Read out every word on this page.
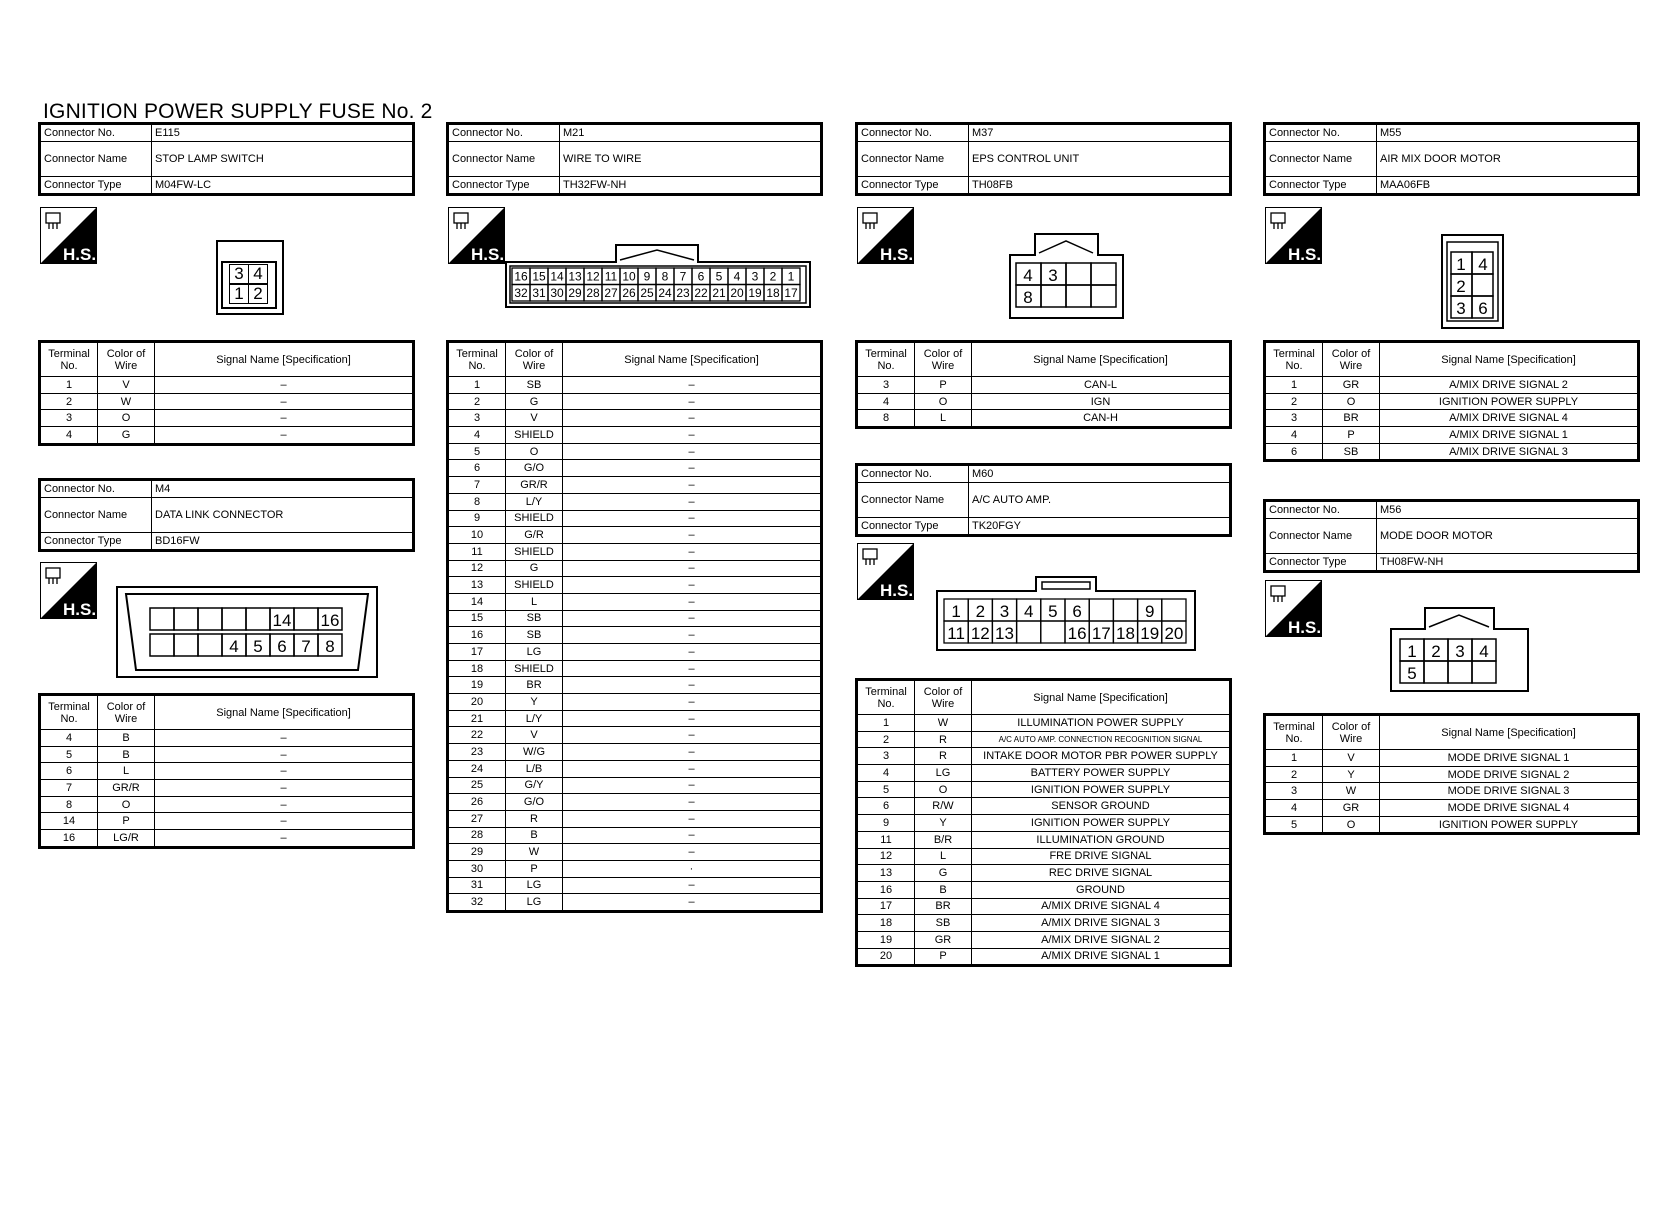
IGNITION POWER SUPPLY FUSE No. 2
Connector No.	E115
Connector Name	STOP LAMP SWITCH
Connector Type	M04FW-LC
H.S.
3 4
1 2
Terminal No.	Color of Wire	Signal Name [Specification]
1	V	–
2	W	–
3	O	–
4	G	–
Connector No.	M4
Connector Name	DATA LINK CONNECTOR
Connector Type	BD16FW
H.S.
14 16
4 5 6 7 8
Terminal No.	Color of Wire	Signal Name [Specification]
4	B	–
5	B	–
6	L	–
7	GR/R	–
8	O	–
14	P	–
16	LG/R	–
Connector No.	M21
Connector Name	WIRE TO WIRE
Connector Type	TH32FW-NH
H.S.
16 15 14 13 12 11 10 9 8 7 6 5 4 3 2 1
32 31 30 29 28 27 26 25 24 23 22 21 20 19 18 17
Terminal No.	Color of Wire	Signal Name [Specification]
1	SB	–
2	G	–
3	V	–
4	SHIELD	–
5	O	–
6	G/O	–
7	GR/R	–
8	L/Y	–
9	SHIELD	–
10	G/R	–
11	SHIELD	–
12	G	–
13	SHIELD	–
14	L	–
15	SB	–
16	SB	–
17	LG	–
18	SHIELD	–
19	BR	–
20	Y	–
21	L/Y	–
22	V	–
23	W/G	–
24	L/B	–
25	G/Y	–
26	G/O	–
27	R	–
28	B	–
29	W	–
30	P	·
31	LG	–
32	LG	–
Connector No.	M37
Connector Name	EPS CONTROL UNIT
Connector Type	TH08FB
H.S.
4 3
8
Terminal No.	Color of Wire	Signal Name [Specification]
3	P	CAN-L
4	O	IGN
8	L	CAN-H
Connector No.	M60
Connector Name	A/C AUTO AMP.
Connector Type	TK20FGY
H.S.
1 2 3 4 5 6	9
11 12 13	16 17 18 19 20
Terminal No.	Color of Wire	Signal Name [Specification]
1	W	ILLUMINATION POWER SUPPLY
2	R	A/C AUTO AMP. CONNECTION RECOGNITION SIGNAL
3	R	INTAKE DOOR MOTOR PBR POWER SUPPLY
4	LG	BATTERY POWER SUPPLY
5	O	IGNITION POWER SUPPLY
6	R/W	SENSOR GROUND
9	Y	IGNITION POWER SUPPLY
11	B/R	ILLUMINATION GROUND
12	L	FRE DRIVE SIGNAL
13	G	REC DRIVE SIGNAL
16	B	GROUND
17	BR	A/MIX DRIVE SIGNAL 4
18	SB	A/MIX DRIVE SIGNAL 3
19	GR	A/MIX DRIVE SIGNAL 2
20	P	A/MIX DRIVE SIGNAL 1
Connector No.	M55
Connector Name	AIR MIX DOOR MOTOR
Connector Type	MAA06FB
H.S.
1 4
2
3 6
Terminal No.	Color of Wire	Signal Name [Specification]
1	GR	A/MIX DRIVE SIGNAL 2
2	O	IGNITION POWER SUPPLY
3	BR	A/MIX DRIVE SIGNAL 4
4	P	A/MIX DRIVE SIGNAL 1
6	SB	A/MIX DRIVE SIGNAL 3
Connector No.	M56
Connector Name	MODE DOOR MOTOR
Connector Type	TH08FW-NH
H.S.
1 2 3 4
5
Terminal No.	Color of Wire	Signal Name [Specification]
1	V	MODE DRIVE SIGNAL 1
2	Y	MODE DRIVE SIGNAL 2
3	W	MODE DRIVE SIGNAL 3
4	GR	MODE DRIVE SIGNAL 4
5	O	IGNITION POWER SUPPLY
